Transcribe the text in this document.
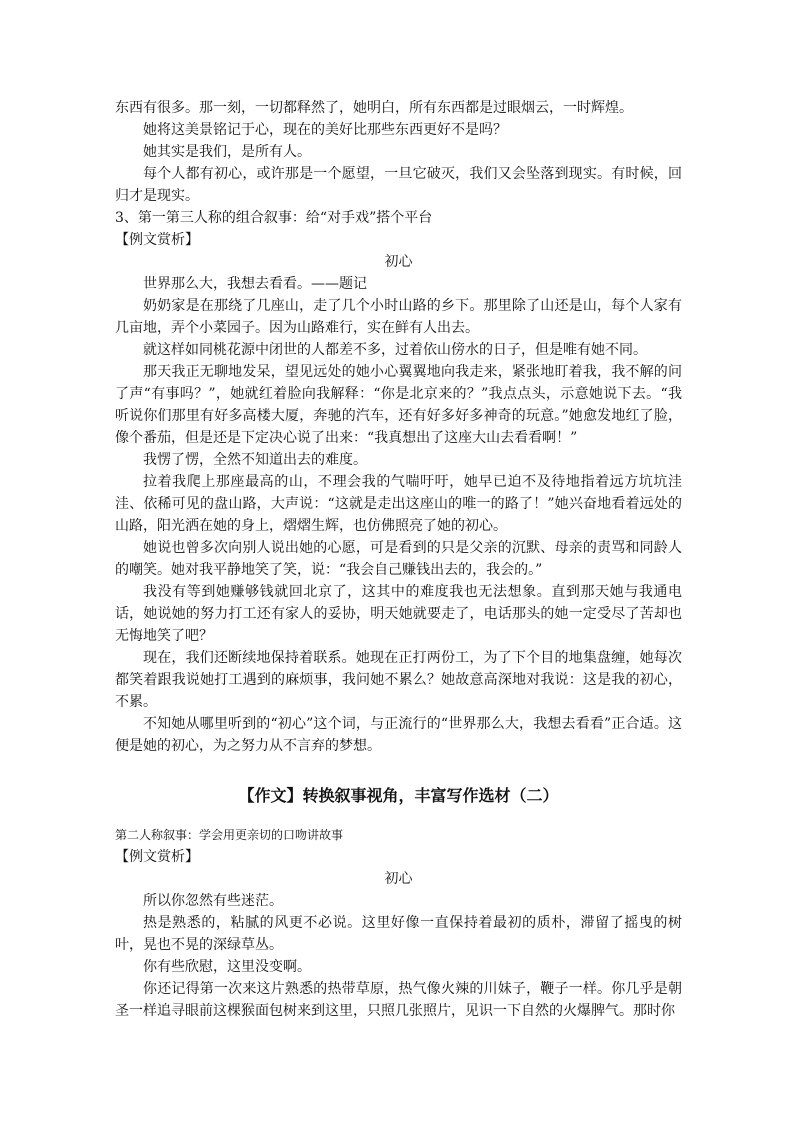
东西有很多。那一刻，一切都释然了，她明白，所有东西都是过眼烟云，一时辉煌。

她将这美景铭记于心，现在的美好比那些东西更好不是吗？

她其实是我们，是所有人。

每个人都有初心，或许那是一个愿望，一旦它破灭，我们又会坠落到现实。有时候，回归才是现实。

3、第一第三人称的组合叙事：给“对手戏”搭个平台

【例文赏析】

初心

世界那么大，我想去看看。——题记

奶奶家是在那绕了几座山，走了几个小时山路的乡下。那里除了山还是山，每个人家有几亩地，弄个小菜园子。因为山路难行，实在鲜有人出去。

就这样如同桃花源中闭世的人都差不多，过着依山傍水的日子，但是唯有她不同。

那天我正无聊地发呆，望见远处的她小心翼翼地向我走来，紧张地盯着我，我不解的问了声“有事吗？”，她就红着脸向我解释：“你是北京来的？”我点点头，示意她说下去。“我听说你们那里有好多高楼大厦，奔驰的汽车，还有好多好多神奇的玩意。”她愈发地红了脸，像个番茄，但是还是下定决心说了出来：“我真想出了这座大山去看看啊！”

我愣了愣，全然不知道出去的难度。

拉着我爬上那座最高的山，不理会我的气喘吁吁，她早已迫不及待地指着远方坑坑洼洼、依稀可见的盘山路，大声说：“这就是走出这座山的唯一的路了！”她兴奋地看着远处的山路，阳光洒在她的身上，熠熠生辉，也仿佛照亮了她的初心。

她说也曾多次向别人说出她的心愿，可是看到的只是父亲的沉默、母亲的责骂和同龄人的嘲笑。她对我平静地笑了笑，说：“我会自己赚钱出去的，我会的。”

我没有等到她赚够钱就回北京了，这其中的难度我也无法想象。直到那天她与我通电话，她说她的努力打工还有家人的妥协，明天她就要走了，电话那头的她一定受尽了苦却也无悔地笑了吧？

现在，我们还断续地保持着联系。她现在正打两份工，为了下个目的地集盘缠，她每次都笑着跟我说她打工遇到的麻烦事，我问她不累么？她故意高深地对我说：这是我的初心，不累。

不知她从哪里听到的“初心”这个词，与正流行的“世界那么大，我想去看看”正合适。这便是她的初心，为之努力从不言弃的梦想。

【作文】转换叙事视角，丰富写作选材（二）

第二人称叙事：学会用更亲切的口吻讲故事

【例文赏析】

初心

所以你忽然有些迷茫。

热是熟悉的，粘腻的风更不必说。这里好像一直保持着最初的质朴，滞留了摇曳的树叶，晃也不晃的深绿草丛。

你有些欣慰，这里没变啊。

你还记得第一次来这片熟悉的热带草原，热气像火辣的川妹子，鞭子一样。你几乎是朝圣一样追寻眼前这棵猴面包树来到这里，只照几张照片，见识一下自然的火爆脾气。那时你
